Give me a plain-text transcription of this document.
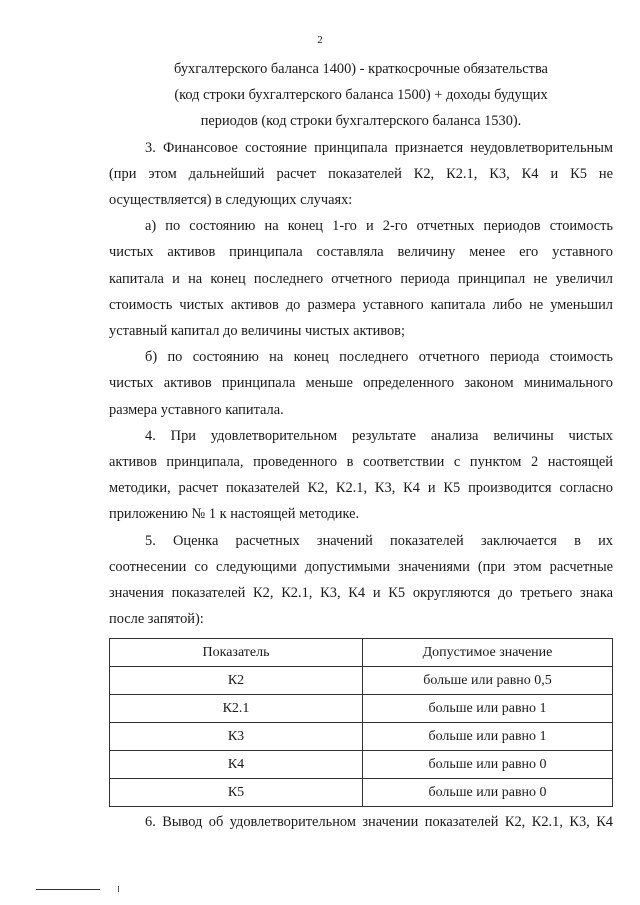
2

бухгалтерского баланса 1400) - краткосрочные обязательства

(код строки бухгалтерского баланса 1500) + доходы будущих

периодов (код строки бухгалтерского баланса 1530).

3. Финансовое состояние принципала признается неудовлетворительным

(при этом дальнейший расчет показателей К2, К2.1, К3, К4 и К5 не

осуществляется) в следующих случаях:

а) по состоянию на конец 1-го и 2-го отчетных периодов стоимость

чистых активов принципала составляла величину менее его уставного

капитала и на конец последнего отчетного периода принципал не увеличил

стоимость чистых активов до размера уставного капитала либо не уменьшил

уставный капитал до величины чистых активов;

б) по состоянию на конец последнего отчетного периода стоимость

чистых активов принципала меньше определенного законом минимального

размера уставного капитала.

4. При удовлетворительном результате анализа величины чистых

активов принципала, проведенного в соответствии с пунктом 2 настоящей

методики, расчет показателей К2, К2.1, К3, К4 и К5 производится согласно

приложению № 1 к настоящей методике.

5. Оценка расчетных значений показателей заключается в их

соотнесении со следующими допустимыми значениями (при этом расчетные

значения показателей К2, К2.1, К3, К4 и К5 округляются до третьего знака

после запятой):

Показатель	Допустимое значение
К2	больше или равно 0,5
К2.1	больше или равно 1
К3	больше или равно 1
К4	больше или равно 0
К5	больше или равно 0

6. Вывод об удовлетворительном значении показателей К2, К2.1, К3, К4
